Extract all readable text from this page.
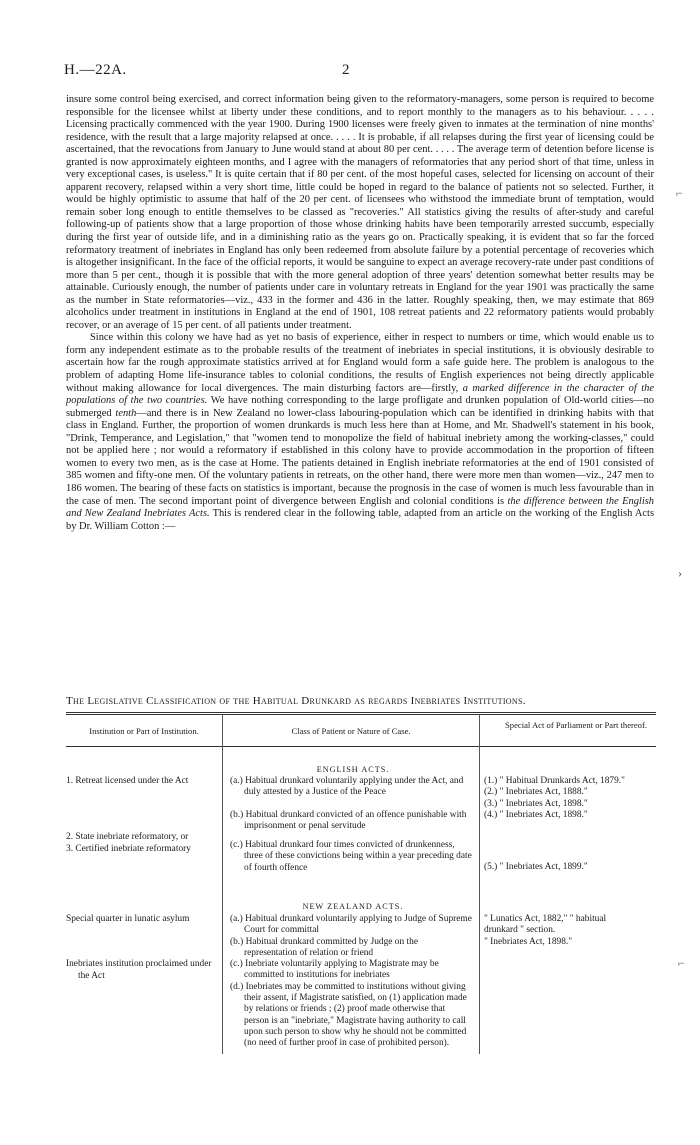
H.—22A.	2

insure some control being exercised, and correct information being given to the reformatory-managers, some person is required to become responsible for the licensee whilst at liberty under these conditions, and to report monthly to the managers as to his behaviour. . . . . Licensing practically commenced with the year 1900. During 1900 licenses were freely given to inmates at the termination of nine months' residence, with the result that a large majority relapsed at once. . . . . It is probable, if all relapses during the first year of licensing could be ascertained, that the revocations from January to June would stand at about 80 per cent. . . . . The average term of detention before license is granted is now approximately eighteen months, and I agree with the managers of reformatories that any period short of that time, unless in very exceptional cases, is useless." It is quite certain that if 80 per cent. of the most hopeful cases, selected for licensing on account of their apparent recovery, relapsed within a very short time, little could be hoped in regard to the balance of patients not so selected. Further, it would be highly optimistic to assume that half of the 20 per cent. of licensees who withstood the immediate brunt of temptation, would remain sober long enough to entitle themselves to be classed as "recoveries." All statistics giving the results of after-study and careful following-up of patients show that a large proportion of those whose drinking habits have been temporarily arrested succumb, especially during the first year of outside life, and in a diminishing ratio as the years go on. Practically speaking, it is evident that so far the forced reformatory treatment of inebriates in England has only been redeemed from absolute failure by a potential percentage of recoveries which is altogether insignificant. In the face of the official reports, it would be sanguine to expect an average recovery-rate under past conditions of more than 5 per cent., though it is possible that with the more general adoption of three years' detention somewhat better results may be attainable. Curiously enough, the number of patients under care in voluntary retreats in England for the year 1901 was practically the same as the number in State reformatories—viz., 433 in the former and 436 in the latter. Roughly speaking, then, we may estimate that 869 alcoholics under treatment in institutions in England at the end of 1901, 108 retreat patients and 22 reformatory patients would probably recover, or an average of 15 per cent. of all patients under treatment.

Since within this colony we have had as yet no basis of experience, either in respect to numbers or time, which would enable us to form any independent estimate as to the probable results of the treatment of inebriates in special institutions, it is obviously desirable to ascertain how far the rough approximate statistics arrived at for England would form a safe guide here. The problem is analogous to the problem of adapting Home life-insurance tables to colonial conditions, the results of English experiences not being directly applicable without making allowance for local divergences. The main disturbing factors are—firstly, a marked difference in the character of the populations of the two countries. We have nothing corresponding to the large profligate and drunken population of Old-world cities—no submerged tenth—and there is in New Zealand no lower-class labouring-population which can be identified in drinking habits with that class in England. Further, the proportion of women drunkards is much less here than at Home, and Mr. Shadwell's statement in his book, "Drink, Temperance, and Legislation," that "women tend to monopolize the field of habitual inebriety among the working-classes," could not be applied here ; nor would a reformatory if established in this colony have to provide accommodation in the proportion of fifteen women to every two men, as is the case at Home. The patients detained in English inebriate reformatories at the end of 1901 consisted of 385 women and fifty-one men. Of the voluntary patients in retreats, on the other hand, there were more men than women—viz., 247 men to 186 women. The bearing of these facts on statistics is important, because the prognosis in the case of women is much less favourable than in the case of men. The second important point of divergence between English and colonial conditions is the difference between the English and New Zealand Inebriates Acts. This is rendered clear in the following table, adapted from an article on the working of the English Acts by Dr. William Cotton :—

The Legislative Classification of the Habitual Drunkard as regards Inebriates Institutions.
Institution or Part of Institution.	Class of Patient or Nature of Case.
Special Act of Parliament or Part thereof.
ENGLISH ACTS.
1. Retreat licensed under the Act
2. State inebriate reformatory, or
3. Certified inebriate reformatory
(a.) Habitual drunkard voluntarily applying under the Act, and duly attested by a Justice of the Peace
(b.) Habitual drunkard convicted of an offence punishable with imprisonment or penal servitude
(c.) Habitual drunkard four times convicted of drunkenness, three of these convictions being within a year preceding date of fourth offence
(1.) " Habitual Drunkards Act, 1879."
(2.) " Inebriates Act, 1888."
(3.) " Inebriates Act, 1898."
(4.) " Inebriates Act, 1898."
(5.) " Inebriates Act, 1899."
NEW ZEALAND ACTS.
Special quarter in lunatic asylum
Inebriates institution proclaimed under the Act
(a.) Habitual drunkard voluntarily applying to Judge of Supreme Court for committal
(b.) Habitual drunkard committed by Judge on the representation of relation or friend
(c.) Inebriate voluntarily applying to Magistrate may be committed to institutions for inebriates
(d.) Inebriates may be committed to institutions without giving their assent, if Magistrate satisfied, on (1) application made by relations or friends ; (2) proof made otherwise that person is an "inebriate," Magistrate having authority to call upon such person to show why he should not be committed (no need of further proof in case of prohibited person).
" Lunatics Act, 1882," " habitual drunkard " section.
" Inebriates Act, 1898."
⌐
›
⌐
